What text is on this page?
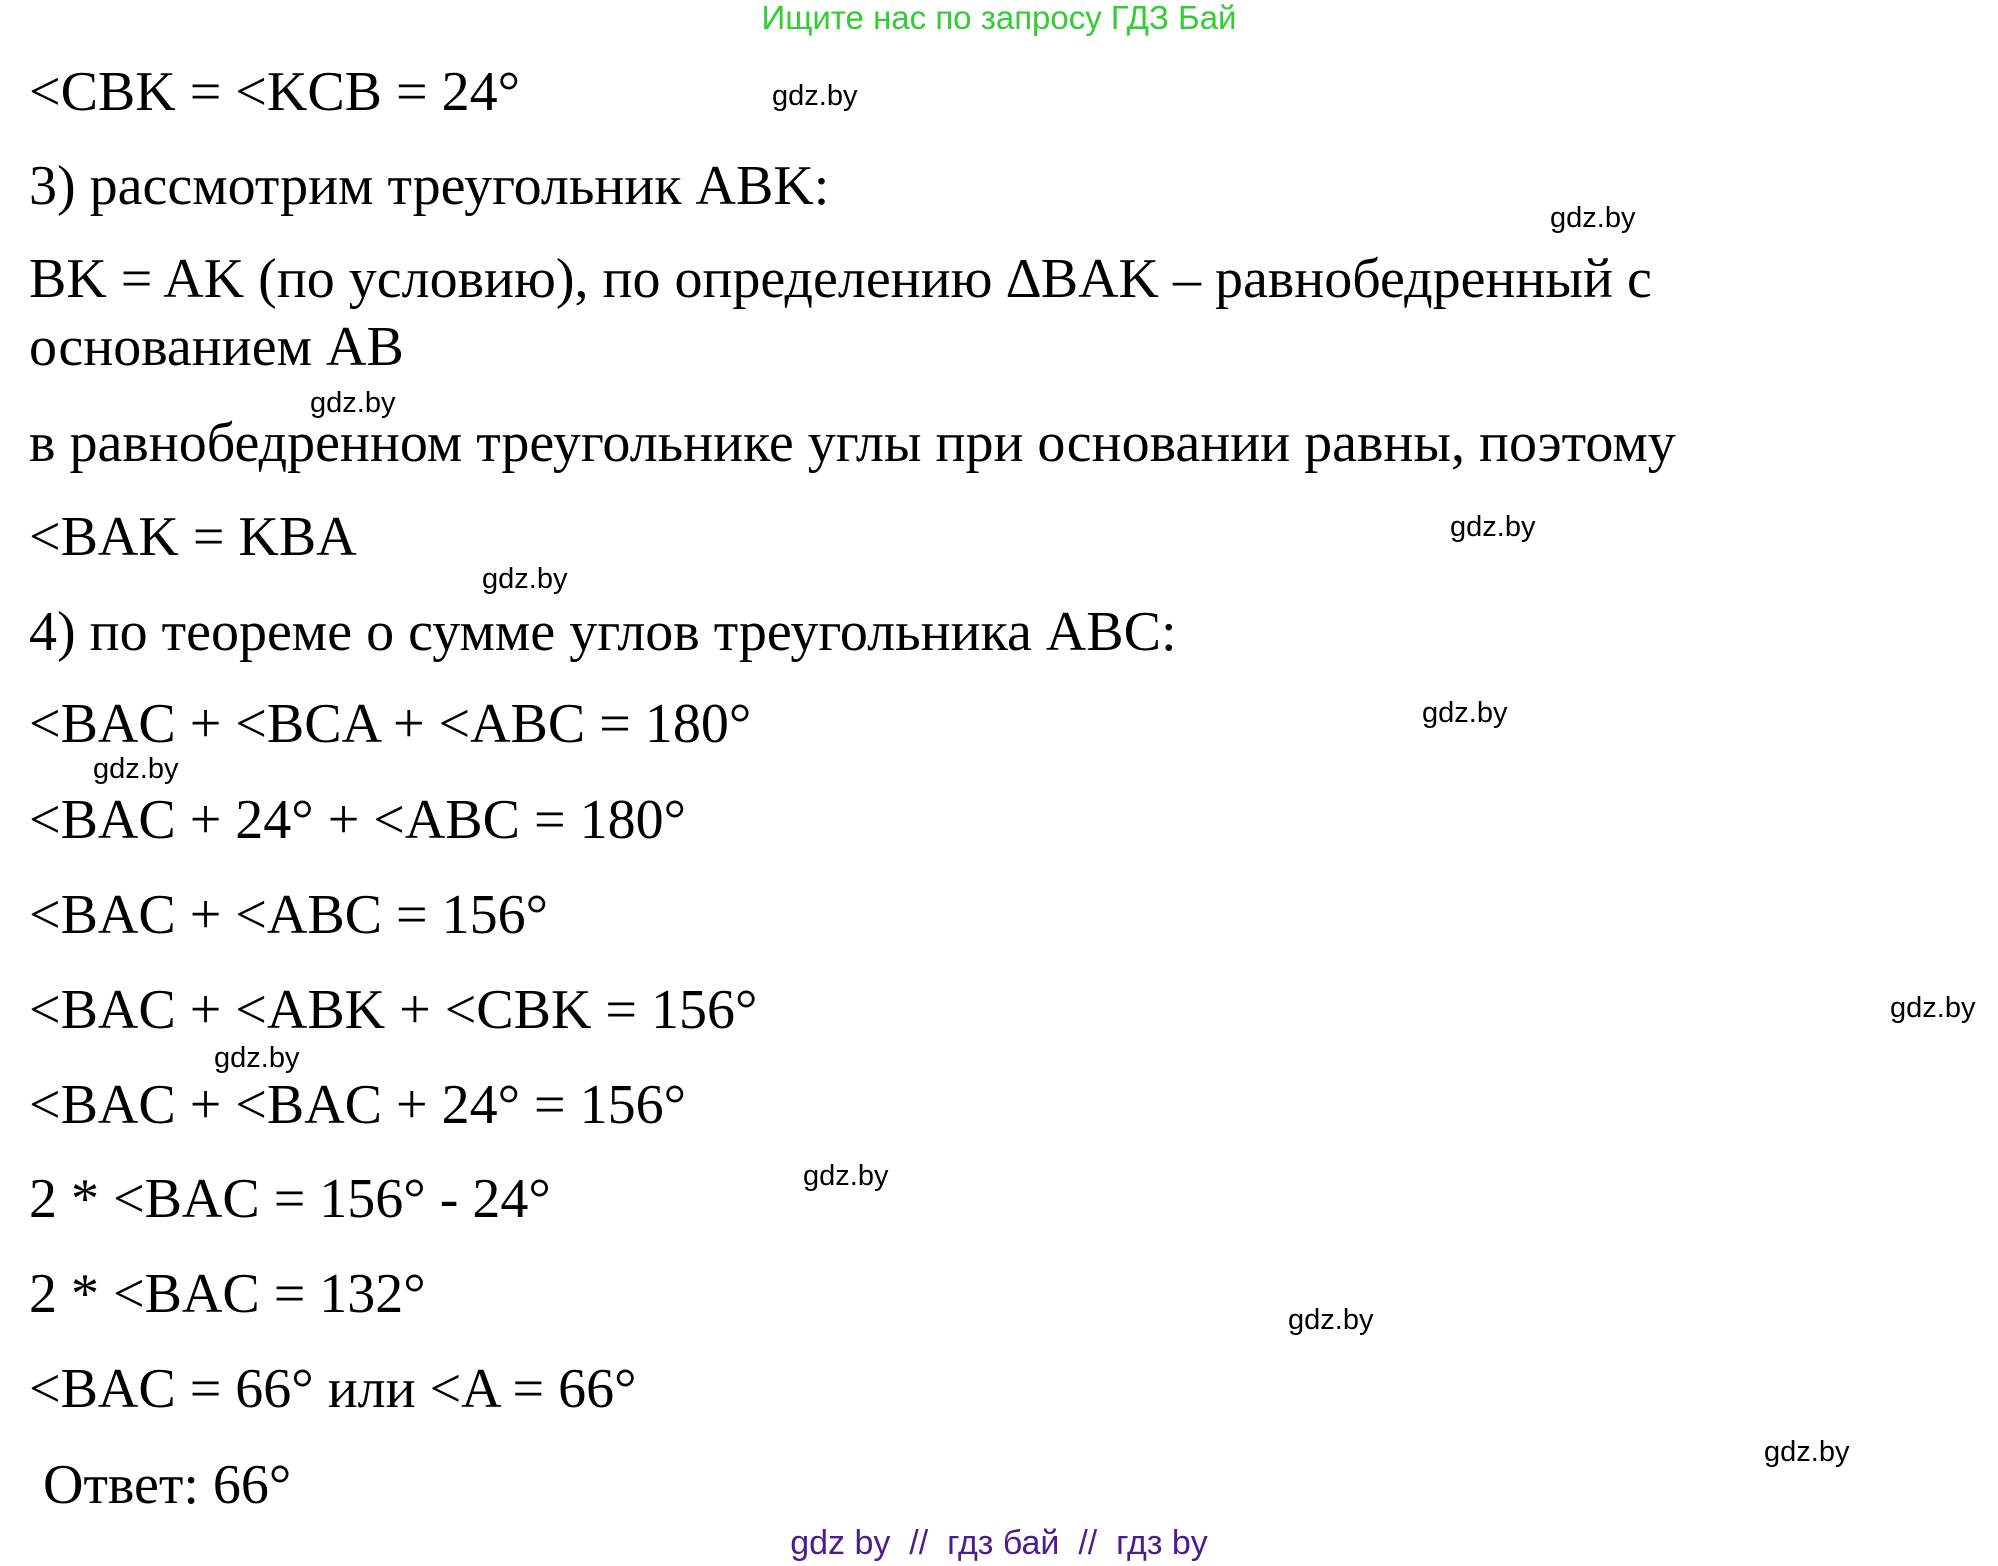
Ищите нас по запросу ГДЗ Бай

<CBK = <KCB = 24°

3) рассмотрим треугольник ABK:

BK = AK (по условию), по определению ∆BAK – равнобедренный с

основанием AB

в равнобедренном треугольнике углы при основании равны, поэтому

<BAK = KBA

4) по теореме о сумме углов треугольника ABC:

<BAC + <BCA + <ABC = 180°

<BAC + 24° + <ABC = 180°

<BAC + <ABC = 156°

<BAC + <ABK + <CBK = 156°

<BAC + <BAC + 24° = 156°

2 * <BAC = 156° - 24°

2 * <BAC = 132°

<BAC = 66° или <A = 66°

Ответ: 66°

gdz.by
gdz.by
gdz.by
gdz.by
gdz.by
gdz.by
gdz.by
gdz.by
gdz.by
gdz.by
gdz.by
gdz.by
gdz by  //  гдз бай  //  гдз by
